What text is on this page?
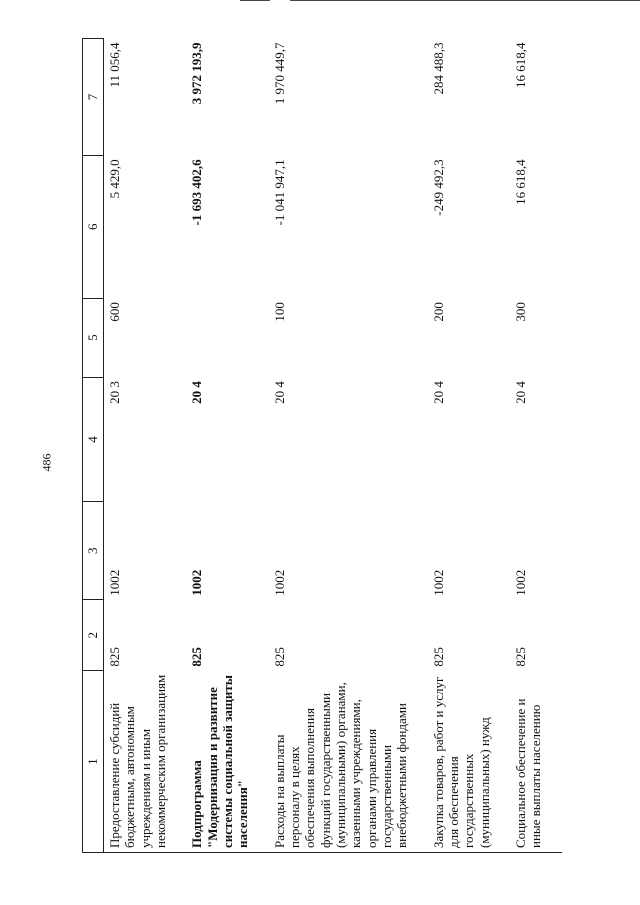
486
1	2	3	4	5	6	7
Предоставление субсидий бюджетным, автономным учреждениям и иным некоммерческим организациям	825	1002	20 3	600	5 429,0	11 056,4
Подпрограмма "Модернизация и развитие системы социальной защиты населения"	825	1002	20 4		-1 693 402,6	3 972 193,9
Расходы на выплаты персоналу в целях обеспечения выполнения функций государственными (муниципальными) органами, казенными учреждениями, органами управления государственными внебюджетными фондами	825	1002	20 4	100	-1 041 947,1	1 970 449,7
Закупка товаров, работ и услуг для обеспечения государственных (муниципальных) нужд	825	1002	20 4	200	-249 492,3	284 488,3
Социальное обеспечение и иные выплаты населению	825	1002	20 4	300	16 618,4	16 618,4
